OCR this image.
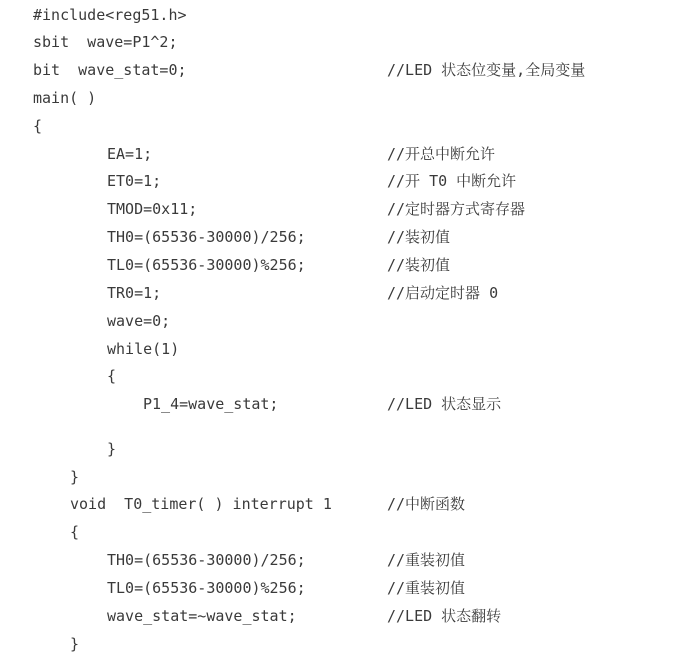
#include<reg51.h>
sbit  wave=P1^2;
bit  wave_stat=0;	//LED 状态位变量,全局变量
main( )
{
EA=1;	//开总中断允许
ET0=1;	//开 T0 中断允许
TMOD=0x11;	//定时器方式寄存器
TH0=(65536-30000)/256;	//装初值
TL0=(65536-30000)%256;	//装初值
TR0=1;	//启动定时器 0
wave=0;
while(1)
{
P1_4=wave_stat;	//LED 状态显示
}
}
void  T0_timer( ) interrupt 1	//中断函数
{
TH0=(65536-30000)/256;	//重装初值
TL0=(65536-30000)%256;	//重装初值
wave_stat=~wave_stat;	//LED 状态翻转
}
